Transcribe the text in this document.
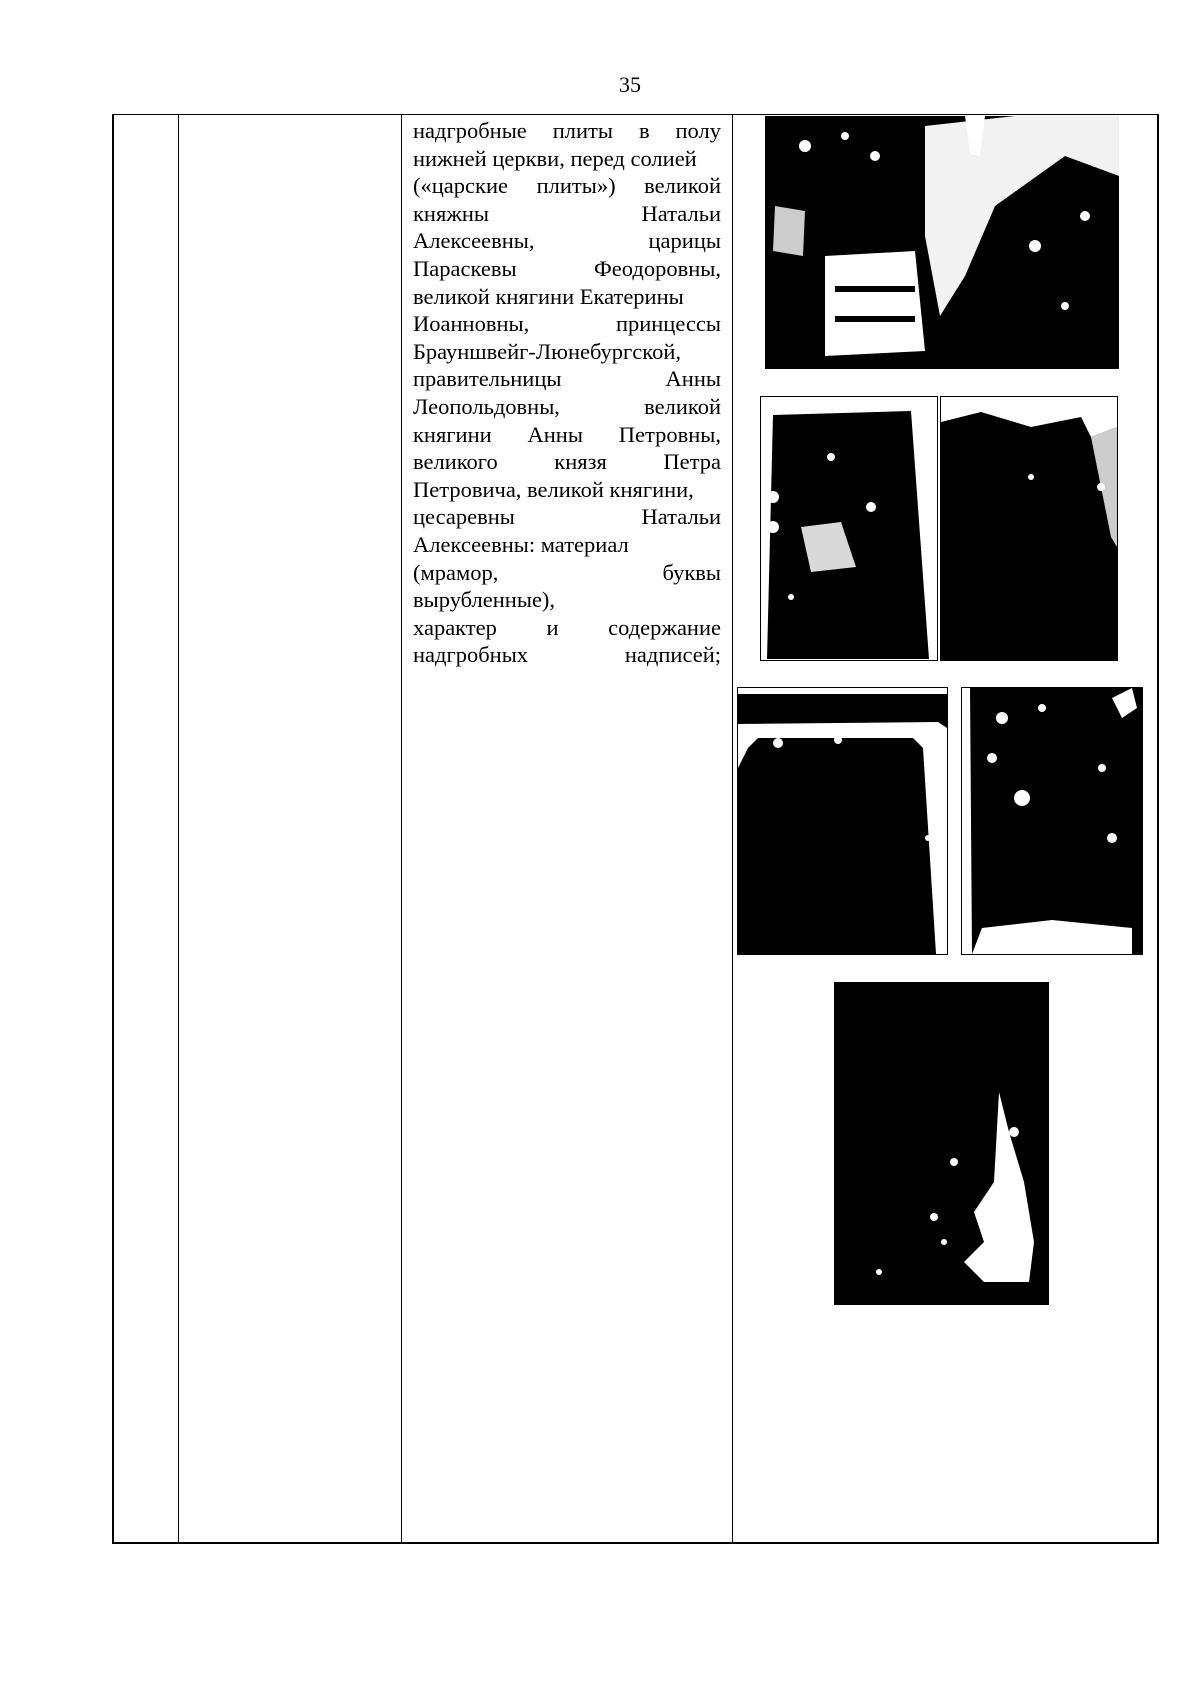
35
надгробные плиты в полу
нижней церкви, перед солией
(«царские плиты») великой
княжны	Натальи
Алексеевны,	царицы
Параскевы	Феодоровны,
великой княгини Екатерины
Иоанновны,	принцессы
Брауншвейг-Люнебургской,
правительницы	Анны
Леопольдовны,	великой
княгини Анны Петровны,
великого	князя	Петра
Петровича, великой княгини,
цесаревны	Натальи
Алексеевны: материал
(мрамор,	буквы
вырубленные),
характер и содержание
надгробных	надписей;
